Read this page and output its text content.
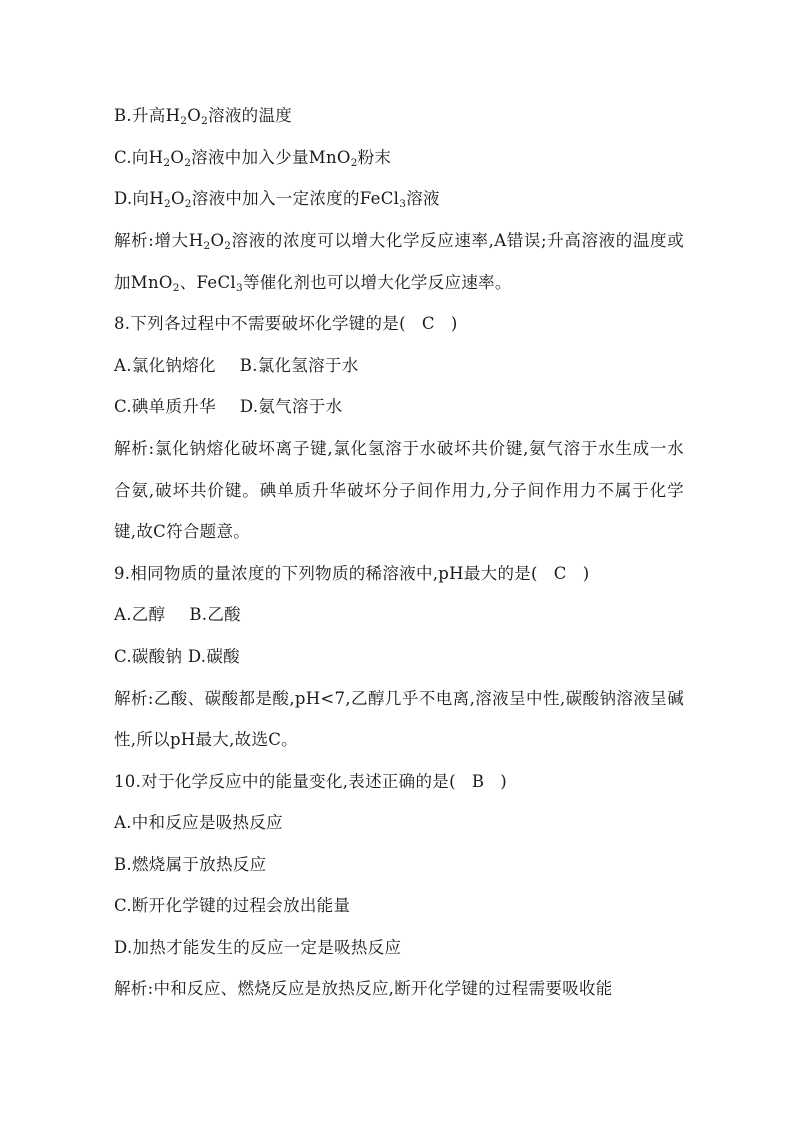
B.升高$H_2O_2$溶液的温度
C.向$H_2O_2$溶液中加入少量MnO$_2$粉末
D.向$H_2O_2$溶液中加入一定浓度的FeCl$_3$溶液
解析:增大$H_2O_2$溶液的浓度可以增大化学反应速率,A错误;升高溶液的温度或加MnO$_2$、FeCl$_3$等催化剂也可以增大化学反应速率。
8.下列各过程中不需要破坏化学键的是( C )
A.氯化钠熔化 B.氯化氢溶于水
C.碘单质升华 D.氨气溶于水
解析:氯化钠熔化破坏离子键,氯化氢溶于水破坏共价键,氨气溶于水生成一水合氨,破坏共价键。碘单质升华破坏分子间作用力,分子间作用力不属于化学键,故C符合题意。
9.相同物质的量浓度的下列物质的稀溶液中,pH最大的是( C )
A.乙醇 B.乙酸
C.碳酸钠 D.碳酸
解析:乙酸、碳酸都是酸,pH<7,乙醇几乎不电离,溶液呈中性,碳酸钠溶液呈碱性,所以pH最大,故选C。
10.对于化学反应中的能量变化,表述正确的是( B )
A.中和反应是吸热反应
B.燃烧属于放热反应
C.断开化学键的过程会放出能量
D.加热才能发生的反应一定是吸热反应
解析:中和反应、燃烧反应是放热反应,断开化学键的过程需要吸收能
